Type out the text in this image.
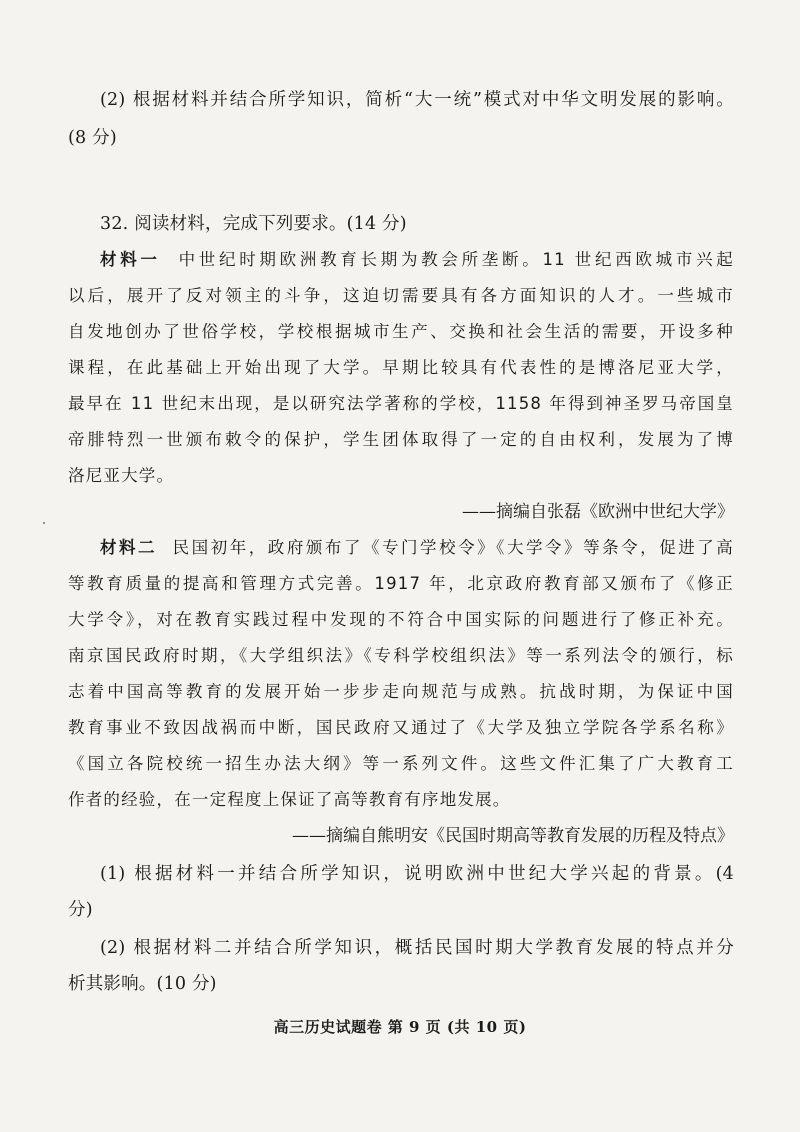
(2) 根据材料并结合所学知识，简析“大一统”模式对中华文明发展的影响。
(8 分)
32. 阅读材料，完成下列要求。(14 分)
材料一 中世纪时期欧洲教育长期为教会所垄断。11 世纪西欧城市兴起
以后，展开了反对领主的斗争，这迫切需要具有各方面知识的人才。一些城市
自发地创办了世俗学校，学校根据城市生产、交换和社会生活的需要，开设多种
课程，在此基础上开始出现了大学。早期比较具有代表性的是博洛尼亚大学，
最早在 11 世纪末出现，是以研究法学著称的学校，1158 年得到神圣罗马帝国皇
帝腓特烈一世颁布敕令的保护，学生团体取得了一定的自由权利，发展为了博
洛尼亚大学。
——摘编自张磊《欧洲中世纪大学》
材料二 民国初年，政府颁布了《专门学校令》《大学令》等条令，促进了高
等教育质量的提高和管理方式完善。1917 年，北京政府教育部又颁布了《修正
大学令》，对在教育实践过程中发现的不符合中国实际的问题进行了修正补充。
南京国民政府时期，《大学组织法》《专科学校组织法》等一系列法令的颁行，标
志着中国高等教育的发展开始一步步走向规范与成熟。抗战时期，为保证中国
教育事业不致因战祸而中断，国民政府又通过了《大学及独立学院各学系名称》
《国立各院校统一招生办法大纲》等一系列文件。这些文件汇集了广大教育工
作者的经验，在一定程度上保证了高等教育有序地发展。
——摘编自熊明安《民国时期高等教育发展的历程及特点》
(1) 根据材料一并结合所学知识，说明欧洲中世纪大学兴起的背景。(4
分)
(2) 根据材料二并结合所学知识，概括民国时期大学教育发展的特点并分
析其影响。(10 分)
高三历史试题卷 第 9 页 (共 10 页)
